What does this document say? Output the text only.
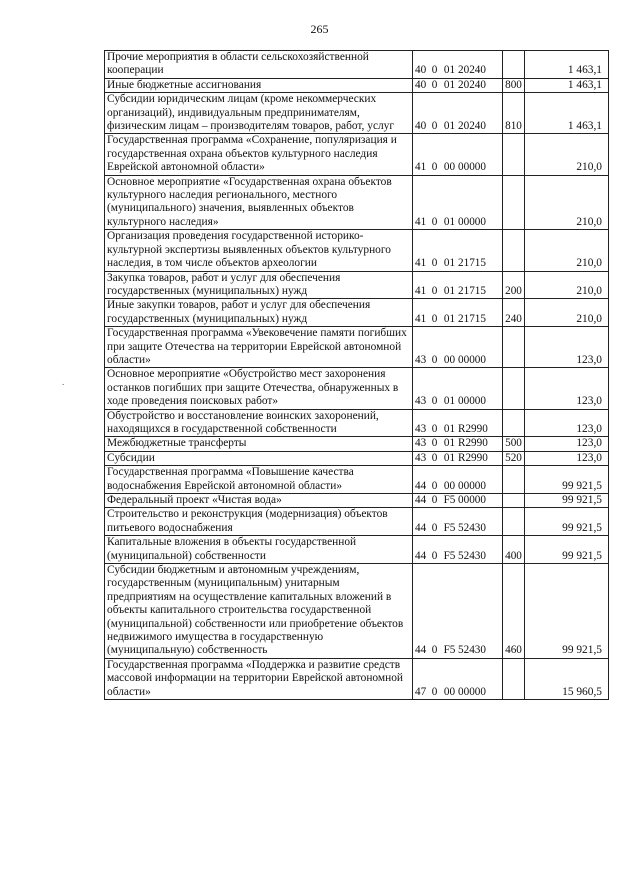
265
.
Прочие мероприятия в области сельскохозяйственной кооперации	40 0 01 20240		1 463,1
Иные бюджетные ассигнования	40 0 01 20240	800	1 463,1
Субсидии юридическим лицам (кроме некоммерческих организаций), индивидуальным предпринимателям, физическим лицам – производителям товаров, работ, услуг	40 0 01 20240	810	1 463,1
Государственная программа «Сохранение, популяризация и государственная охрана объектов культурного наследия Еврейской автономной области»	41 0 00 00000		210,0
Основное мероприятие «Государственная охрана объектов культурного наследия регионального, местного (муниципального) значения, выявленных объектов культурного наследия»	41 0 01 00000		210,0
Организация проведения государственной историко-культурной экспертизы выявленных объектов культурного наследия, в том числе объектов археологии	41 0 01 21715		210,0
Закупка товаров, работ и услуг для обеспечения государственных (муниципальных) нужд	41 0 01 21715	200	210,0
Иные закупки товаров, работ и услуг для обеспечения государственных (муниципальных) нужд	41 0 01 21715	240	210,0
Государственная программа «Увековечение памяти погибших при защите Отечества на территории Еврейской автономной области»	43 0 00 00000		123,0
Основное мероприятие «Обустройство мест захоронения останков погибших при защите Отечества, обнаруженных в ходе проведения поисковых работ»	43 0 01 00000		123,0
Обустройство и восстановление воинских захоронений, находящихся в государственной собственности	43 0 01 R2990		123,0
Межбюджетные трансферты	43 0 01 R2990	500	123,0
Субсидии	43 0 01 R2990	520	123,0
Государственная программа «Повышение качества водоснабжения Еврейской автономной области»	44 0 00 00000		99 921,5
Федеральный проект «Чистая вода»	44 0 F5 00000		99 921,5
Строительство и реконструкция (модернизация) объектов питьевого водоснабжения	44 0 F5 52430		99 921,5
Капитальные вложения в объекты государственной (муниципальной) собственности	44 0 F5 52430	400	99 921,5
Субсидии бюджетным и автономным учреждениям, государственным (муниципальным) унитарным предприятиям на осуществление капитальных вложений в объекты капитального строительства государственной (муниципальной) собственности или приобретение объектов недвижимого имущества в государственную (муниципальную) собственность	44 0 F5 52430	460	99 921,5
Государственная программа «Поддержка и развитие средств массовой информации на территории Еврейской автономной области»	47 0 00 00000		15 960,5
